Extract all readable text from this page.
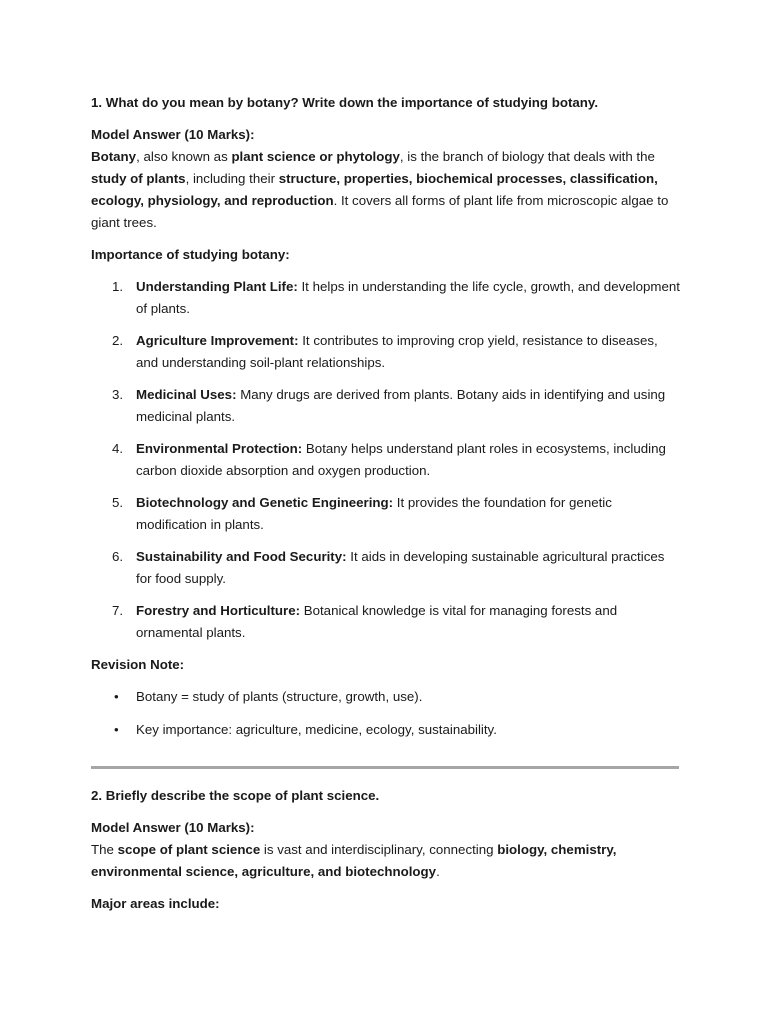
1. What do you mean by botany? Write down the importance of studying botany.

Model Answer (10 Marks):

Botany, also known as plant science or phytology, is the branch of biology that deals with the study of plants, including their structure, properties, biochemical processes, classification, ecology, physiology, and reproduction. It covers all forms of plant life from microscopic algae to giant trees.

Importance of studying botany:

1. Understanding Plant Life: It helps in understanding the life cycle, growth, and development of plants.
2. Agriculture Improvement: It contributes to improving crop yield, resistance to diseases, and understanding soil-plant relationships.
3. Medicinal Uses: Many drugs are derived from plants. Botany aids in identifying and using medicinal plants.
4. Environmental Protection: Botany helps understand plant roles in ecosystems, including carbon dioxide absorption and oxygen production.
5. Biotechnology and Genetic Engineering: It provides the foundation for genetic modification in plants.
6. Sustainability and Food Security: It aids in developing sustainable agricultural practices for food supply.
7. Forestry and Horticulture: Botanical knowledge is vital for managing forests and ornamental plants.

Revision Note:

• Botany = study of plants (structure, growth, use).
• Key importance: agriculture, medicine, ecology, sustainability.

2. Briefly describe the scope of plant science.

Model Answer (10 Marks):

The scope of plant science is vast and interdisciplinary, connecting biology, chemistry, environmental science, agriculture, and biotechnology.

Major areas include:
